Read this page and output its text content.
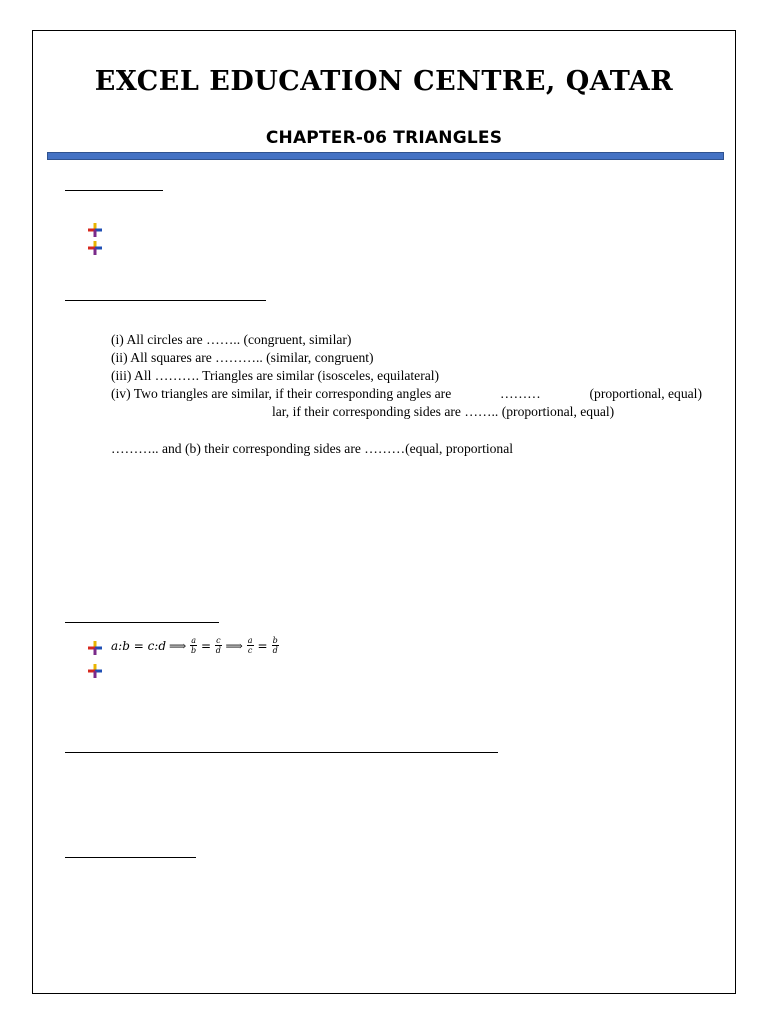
EXCEL EDUCATION CENTRE, QATAR
CHAPTER-06 TRIANGLES
(i) All circles are …….. (congruent, similar)
(ii) All squares are ……….. (similar, congruent)
(iii) All ………. Triangles are similar (isosceles, equilateral)
(iv) Two triangles are similar, if their corresponding angles are	………	(proportional, equal)
lar, if their corresponding sides are …….. (proportional, equal)
……….. and (b) their corresponding sides are ………(equal, proportional
a:b = c:d ⟹ $\frac{a}{b} = \frac{c}{d}$ ⟹ $\frac{a}{c} = \frac{b}{d}$
